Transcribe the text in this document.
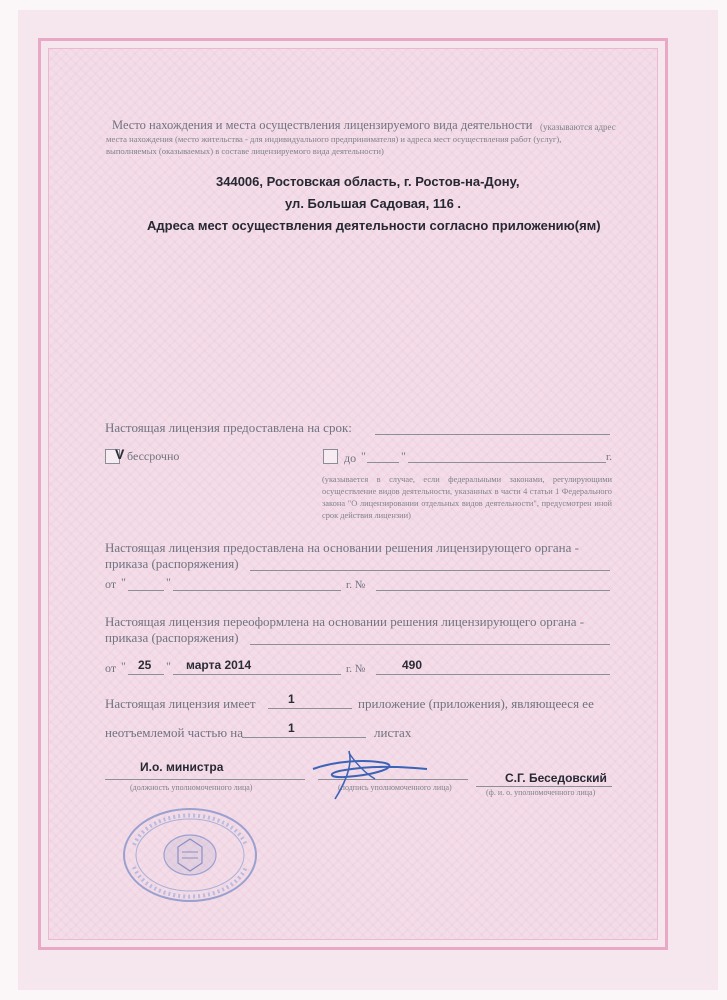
Место нахождения и места осуществления лицензируемого вида деятельности (указываются адрес
места нахождения (место жительства - для индивидуального предпринимателя) и адреса мест осуществления работ (услуг),
выполняемых (оказываемых) в составе лицензируемого вида деятельности)
344006, Ростовская область, г. Ростов-на-Дону,
ул. Большая Садовая, 116 .
Адреса мест осуществления деятельности согласно приложению(ям)
Настоящая лицензия предоставлена на срок:
V бессрочно	до "	"	г.
(указывается в случае, если федеральными законами, регулирующими осуществление видов деятельности, указанных в части 4 статьи 1 Федерального закона "О лицензировании отдельных видов деятельности", предусмотрен иной срок действия лицензии)
Настоящая лицензия предоставлена на основании решения лицензирующего органа -
приказа (распоряжения)
от "	"	г. №
Настоящая лицензия переоформлена на основании решения лицензирующего органа -
приказа (распоряжения)
от " 25 " марта 2014	г. №	490
Настоящая лицензия имеет	1	приложение (приложения), являющееся ее
неотъемлемой частью на	1	листах
И.о. министра
(должность уполномоченного лица)	(подпись уполномоченного лица)
С.Г. Беседовский
(ф. и. о. уполномоченного лица)
